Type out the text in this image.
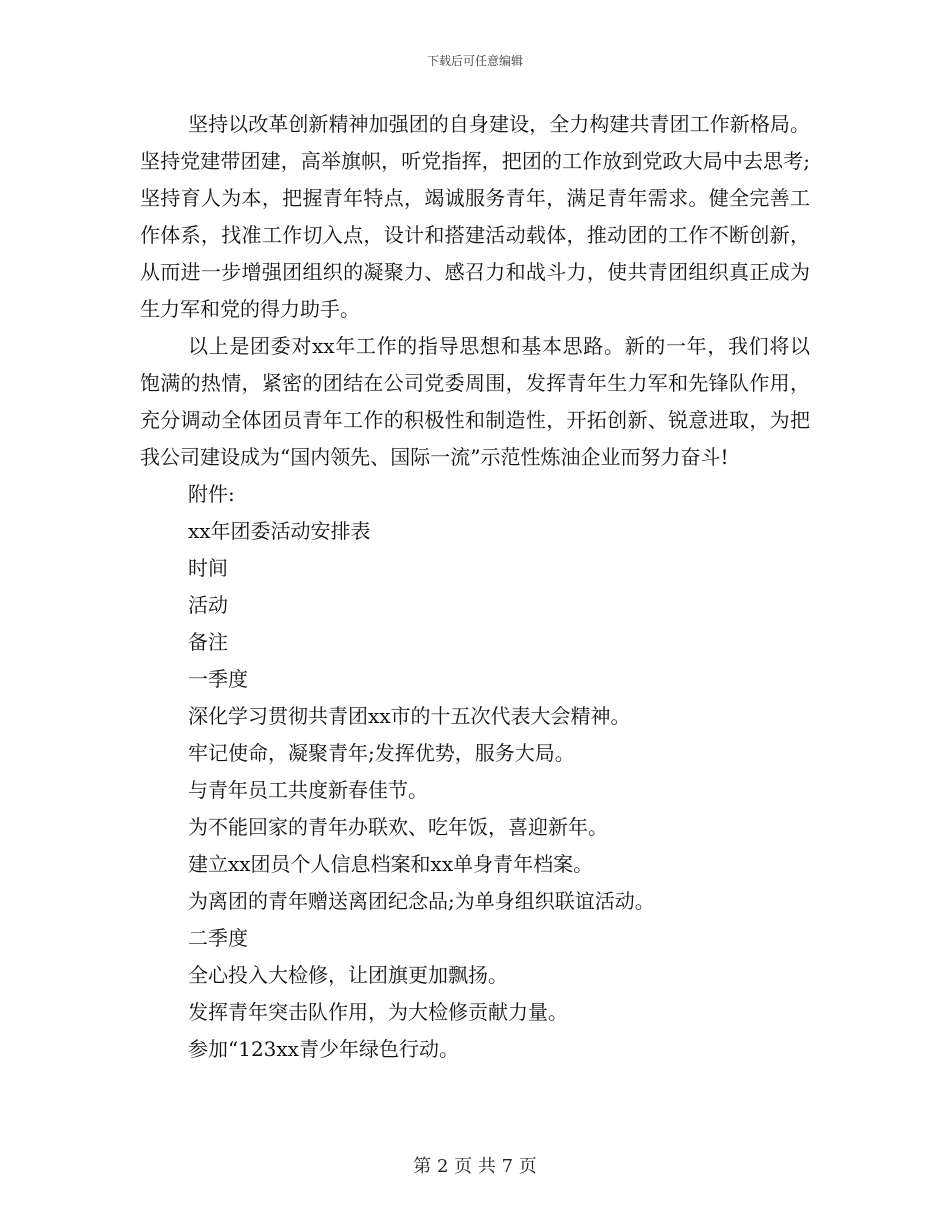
下载后可任意编辑

坚持以改革创新精神加强团的自身建设，全力构建共青团工作新格局。坚持党建带团建，高举旗帜，听党指挥，把团的工作放到党政大局中去思考;坚持育人为本，把握青年特点，竭诚服务青年，满足青年需求。健全完善工作体系，找准工作切入点，设计和搭建活动载体，推动团的工作不断创新，从而进一步增强团组织的凝聚力、感召力和战斗力，使共青团组织真正成为生力军和党的得力助手。

以上是团委对xx年工作的指导思想和基本思路。新的一年，我们将以饱满的热情，紧密的团结在公司党委周围，发挥青年生力军和先锋队作用，充分调动全体团员青年工作的积极性和制造性，开拓创新、锐意进取，为把我公司建设成为“国内领先、国际一流”示范性炼油企业而努力奋斗!

附件:

xx年团委活动安排表

时间

活动

备注

一季度

深化学习贯彻共青团xx市的十五次代表大会精神。

牢记使命，凝聚青年;发挥优势，服务大局。

与青年员工共度新春佳节。

为不能回家的青年办联欢、吃年饭，喜迎新年。

建立xx团员个人信息档案和xx单身青年档案。

为离团的青年赠送离团纪念品;为单身组织联谊活动。

二季度

全心投入大检修，让团旗更加飘扬。

发挥青年突击队作用，为大检修贡献力量。

参加“123xx青少年绿色行动。

第 2 页 共 7 页
